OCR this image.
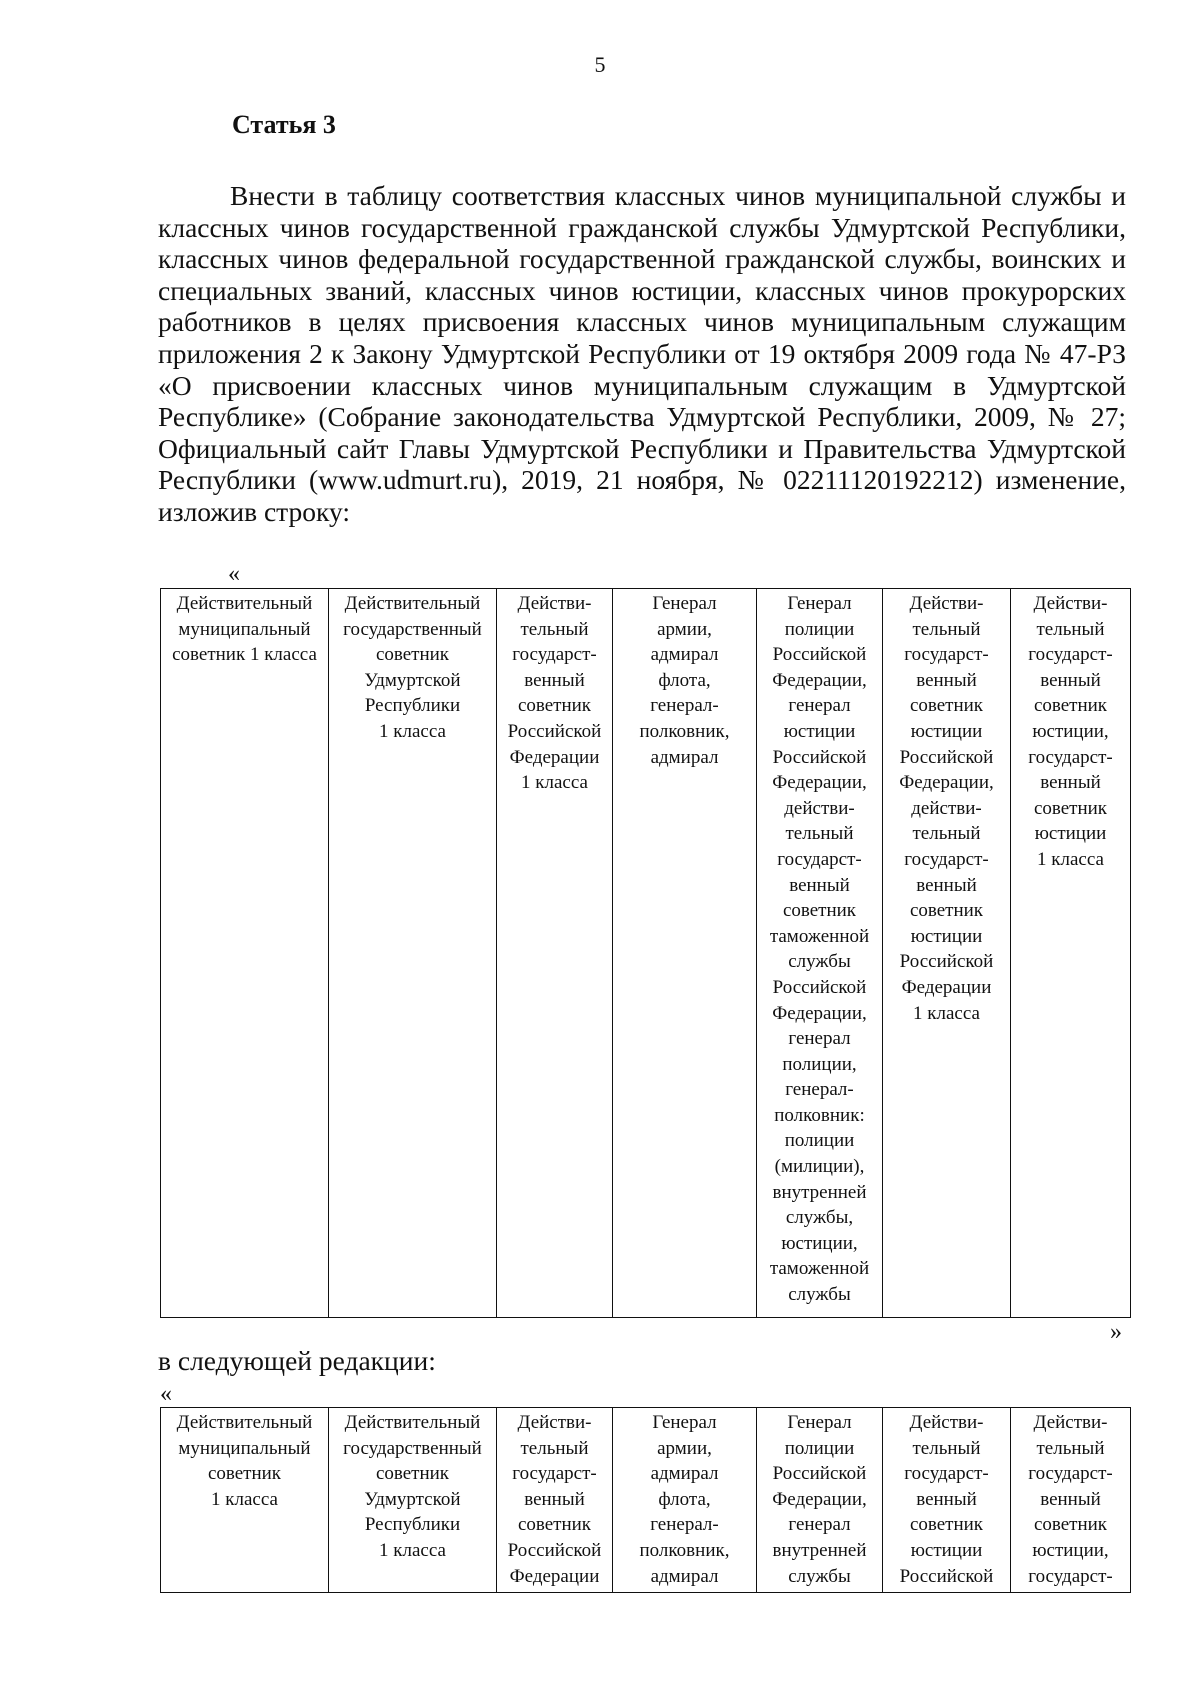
5
Статья 3

Внести в таблицу соответствия классных чинов муниципальной службы и классных чинов государственной гражданской службы Удмуртской Республики, классных чинов федеральной государственной гражданской службы, воинских и специальных званий, классных чинов юстиции, классных чинов прокурорских работников в целях присвоения классных чинов муниципальным служащим приложения 2 к Закону Удмуртской Республики от 19 октября 2009 года № 47-РЗ «О присвоении классных чинов муниципальным служащим в Удмуртской Республике» (Собрание законодательства Удмуртской Республики, 2009, № 27; Официальный сайт Главы Удмуртской Республики и Правительства Удмуртской Республики (www.udmurt.ru), 2019, 21 ноября, № 02211120192212) изменение, изложив строку:

«
Действительный
муниципальный
советник 1 класса	Действительный
государственный
советник
Удмуртской
Республики
1 класса	Действи-
тельный
государст-
венный
советник
Российской
Федерации
1 класса	Генерал
армии,
адмирал
флота,
генерал-
полковник,
адмирал	Генерал
полиции
Российской
Федерации,
генерал
юстиции
Российской
Федерации,
действи-
тельный
государст-
венный
советник
таможенной
службы
Российской
Федерации,
генерал
полиции,
генерал-
полковник:
полиции
(милиции),
внутренней
службы,
юстиции,
таможенной
службы	Действи-
тельный
государст-
венный
советник
юстиции
Российской
Федерации,
действи-
тельный
государст-
венный
советник
юстиции
Российской
Федерации
1 класса	Действи-
тельный
государст-
венный
советник
юстиции,
государст-
венный
советник
юстиции
1 класса
»
в следующей редакции:
«
Действительный
муниципальный
советник
1 класса	Действительный
государственный
советник
Удмуртской
Республики
1 класса	Действи-
тельный
государст-
венный
советник
Российской
Федерации	Генерал
армии,
адмирал
флота,
генерал-
полковник,
адмирал	Генерал
полиции
Российской
Федерации,
генерал
внутренней
службы	Действи-
тельный
государст-
венный
советник
юстиции
Российской	Действи-
тельный
государст-
венный
советник
юстиции,
государст-
